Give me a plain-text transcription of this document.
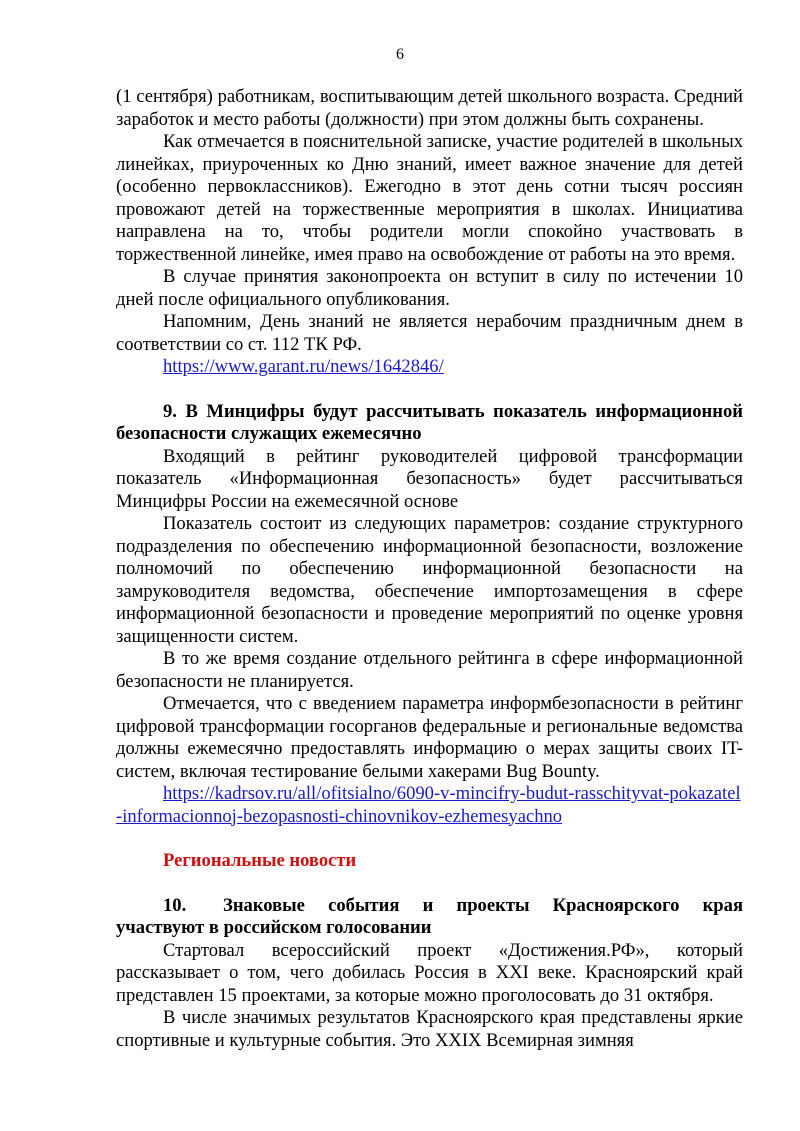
6

(1 сентября) работникам, воспитывающим детей школьного возраста. Средний заработок и место работы (должности) при этом должны быть сохранены.

Как отмечается в пояснительной записке, участие родителей в школьных линейках, приуроченных ко Дню знаний, имеет важное значение для детей (особенно первоклассников). Ежегодно в этот день сотни тысяч россиян провожают детей на торжественные мероприятия в школах. Инициатива направлена на то, чтобы родители могли спокойно участвовать в торжественной линейке, имея право на освобождение от работы на это время.

В случае принятия законопроекта он вступит в силу по истечении 10 дней после официального опубликования.

Напомним, День знаний не является нерабочим праздничным днем в соответствии со ст. 112 ТК РФ.

https://www.garant.ru/news/1642846/

9. В Минцифры будут рассчитывать показатель информационной безопасности служащих ежемесячно

Входящий в рейтинг руководителей цифровой трансформации показатель «Информационная безопасность» будет рассчитываться Минцифры России на ежемесячной основе

Показатель состоит из следующих параметров: создание структурного подразделения по обеспечению информационной безопасности, возложение полномочий по обеспечению информационной безопасности на замруководителя ведомства, обеспечение импортозамещения в сфере информационной безопасности и проведение мероприятий по оценке уровня защищенности систем.

В то же время создание отдельного рейтинга в сфере информационной безопасности не планируется.

Отмечается, что с введением параметра информбезопасности в рейтинг цифровой трансформации госорганов федеральные и региональные ведомства должны ежемесячно предоставлять информацию о мерах защиты своих IT-систем, включая тестирование белыми хакерами Bug Bounty.

https://kadrsov.ru/all/ofitsialno/6090-v-mincifry-budut-rasschityvat-pokazatel-informacionnoj-bezopasnosti-chinovnikov-ezhemesyachno

Региональные новости

10. Знаковые события и проекты Красноярского края участвуют в российском голосовании

Стартовал всероссийский проект «Достижения.РФ», который рассказывает о том, чего добилась Россия в XXI веке. Красноярский край представлен 15 проектами, за которые можно проголосовать до 31 октября.

В числе значимых результатов Красноярского края представлены яркие спортивные и культурные события. Это XXIX Всемирная зимняя
